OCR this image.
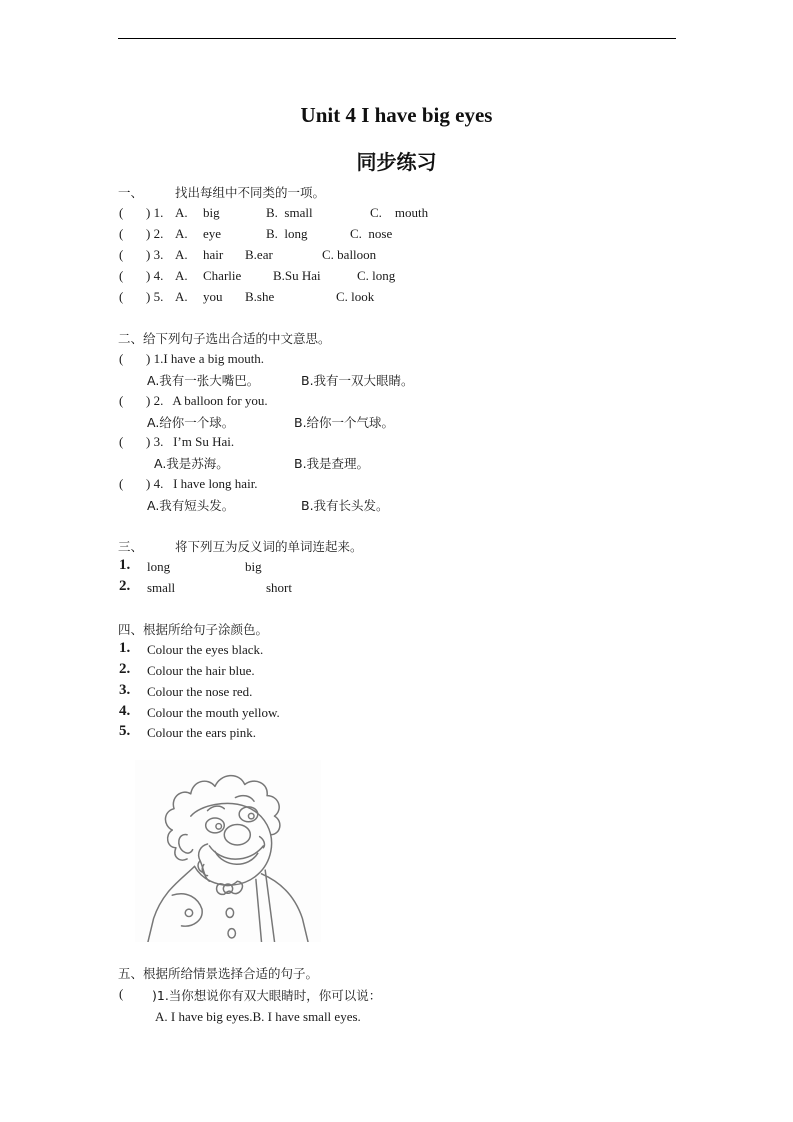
Unit 4 I have big eyes
同步练习
一、	找出每组中不同类的一项。
( ) 1. A. big	B.  small	C.    mouth
( ) 2. A. eye	B.  long	C.  nose
( ) 3. A. hair B.ear	C. balloon
( ) 4. A. Charlie B.Su Hai	C. long
( ) 5. A. you B.she	C. look
二、给下列句子选出合适的中文意思。
( ) 1.I have a big mouth.
A.我有一张大嘴巴。	B.我有一双大眼睛。
( ) 2.   A balloon for you.
A.给你一个球。	B.给你一个气球。
( ) 3.   I’m Su Hai.
A.我是苏海。	B.我是查理。
( ) 4.   I have long hair.
A.我有短头发。	B.我有长头发。
三、	将下列互为反义词的单词连起来。
1. long	big
2. small	short
四、根据所给句子涂颜色。
1. Colour the eyes black.
2. Colour the hair blue.
3. Colour the nose red.
4. Colour the mouth yellow.
5. Colour the ears pink.
五、根据所给情景选择合适的句子。
( )1.当你想说你有双大眼睛时，你可以说：
A. I have big eyes.B. I have small eyes.
